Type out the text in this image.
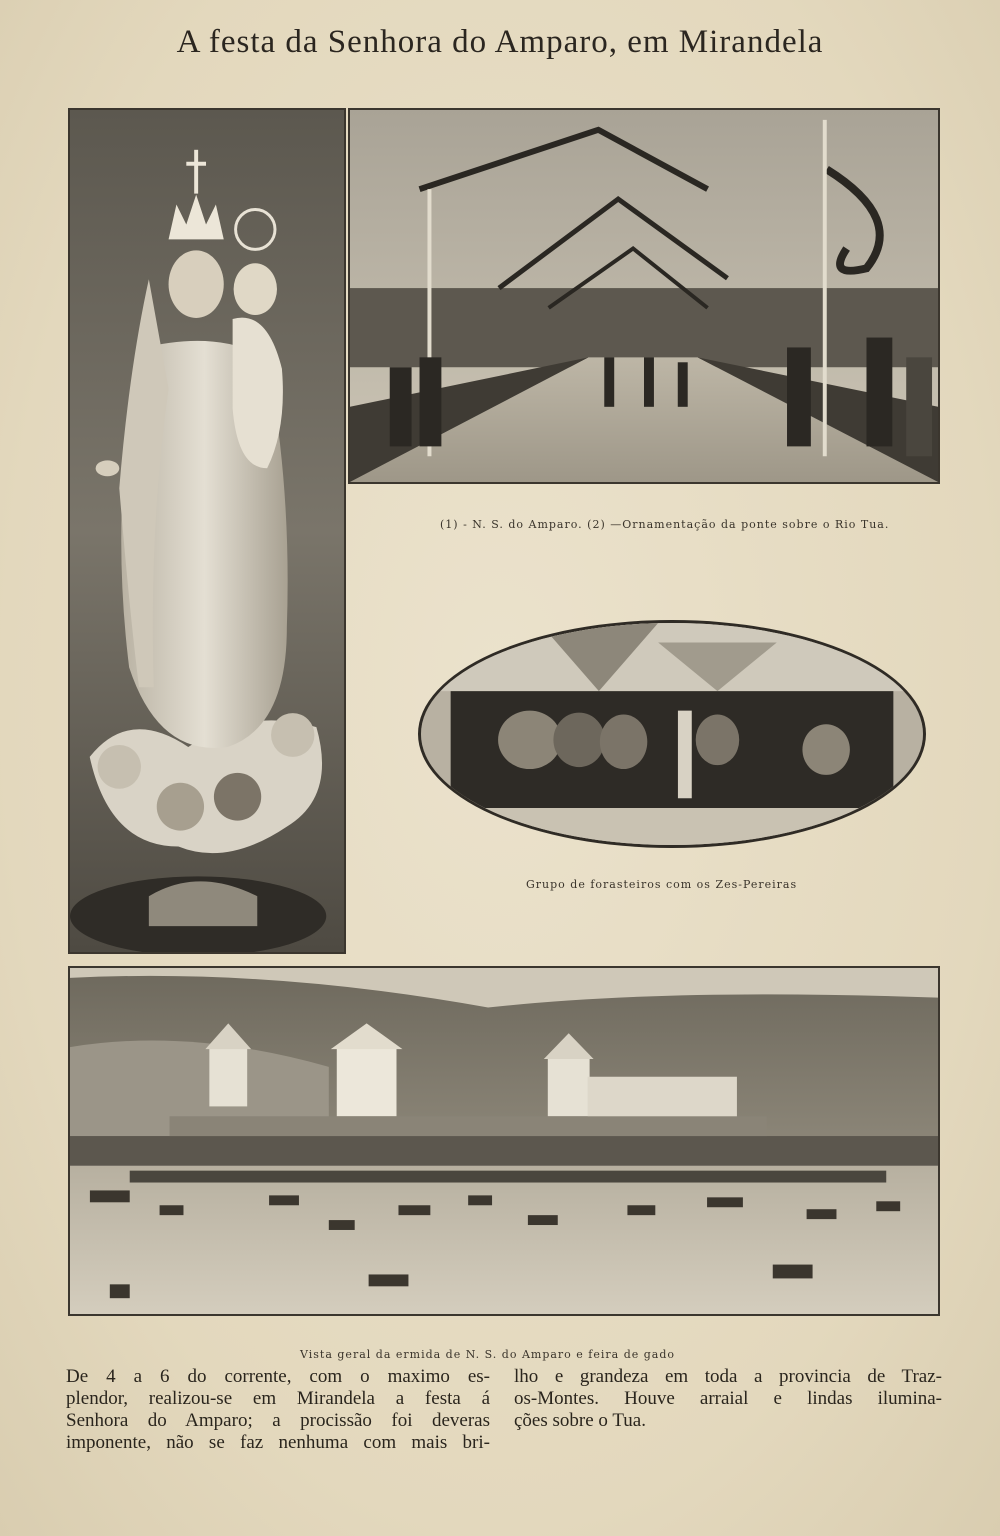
A festa da Senhora do Amparo, em Mirandela
(1) - N. S. do Amparo. (2) —Ornamentação da ponte sobre o Rio Tua.
Grupo de forasteiros com os Zes-Pereiras
Vista geral da ermida de N. S. do Amparo e feira de gado
De 4 a 6 do corrente, com o maximo es-
plendor, realizou-se em Mirandela a festa á
Senhora do Amparo; a procissão foi deveras
imponente, não se faz nenhuma com mais bri-
lho e grandeza em toda a provincia de Traz-
os-Montes. Houve arraial e lindas ilumina-
ções sobre o Tua.
